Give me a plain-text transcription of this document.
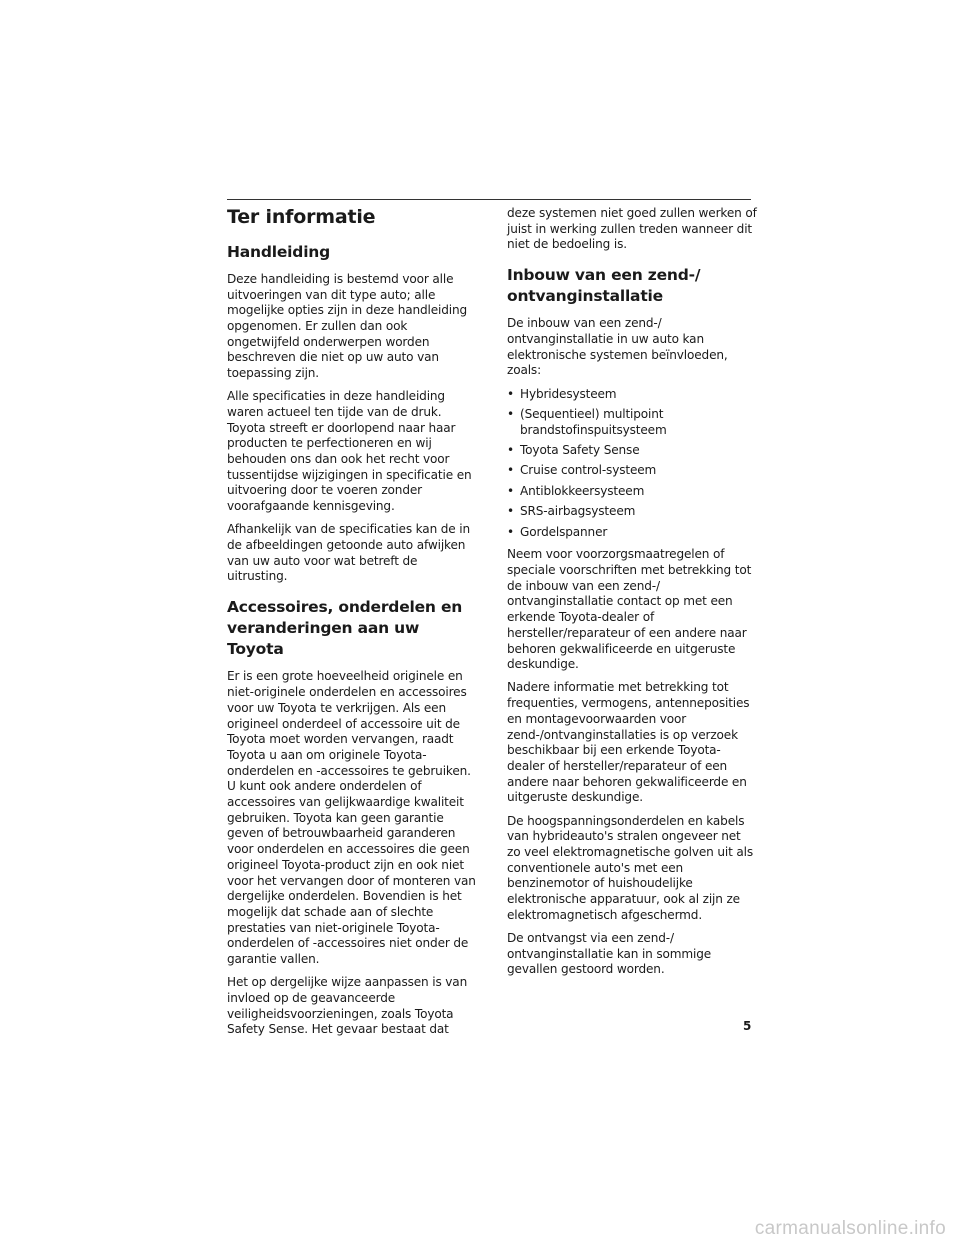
Ter informatie
Handleiding

Deze handleiding is bestemd voor alle uitvoeringen van dit type auto; alle mogelijke opties zijn in deze handleiding opgenomen. Er zullen dan ook ongetwijfeld onderwerpen worden beschreven die niet op uw auto van toepassing zijn.

Alle specificaties in deze handleiding waren actueel ten tijde van de druk. Toyota streeft er doorlopend naar haar producten te perfectioneren en wij behouden ons dan ook het recht voor tussentijdse wijzigingen in specificatie en uitvoering door te voeren zonder voorafgaande kennisgeving.

Afhankelijk van de specificaties kan de in de afbeeldingen getoonde auto afwijken van uw auto voor wat betreft de uitrusting.

Accessoires, onderdelen en veranderingen aan uw Toyota

Er is een grote hoeveelheid originele en niet-originele onderdelen en accessoires voor uw Toyota te verkrijgen. Als een origineel onderdeel of accessoire uit de Toyota moet worden vervangen, raadt Toyota u aan om originele Toyota-onderdelen en -accessoires te gebruiken. U kunt ook andere onderdelen of accessoires van gelijkwaardige kwaliteit gebruiken. Toyota kan geen garantie geven of betrouwbaarheid garanderen voor onderdelen en accessoires die geen origineel Toyota-product zijn en ook niet voor het vervangen door of monteren van dergelijke onderdelen. Bovendien is het mogelijk dat schade aan of slechte prestaties van niet-originele Toyota-onderdelen of -accessoires niet onder de garantie vallen.

Het op dergelijke wijze aanpassen is van invloed op de geavanceerde veiligheidsvoorzieningen, zoals Toyota Safety Sense. Het gevaar bestaat dat

deze systemen niet goed zullen werken of juist in werking zullen treden wanneer dit niet de bedoeling is.

Inbouw van een zend-/ ontvanginstallatie

De inbouw van een zend-/ ontvanginstallatie in uw auto kan elektronische systemen beïnvloeden, zoals:

• Hybridesysteem
• (Sequentieel) multipoint brandstofinspuitsysteem
• Toyota Safety Sense
• Cruise control-systeem
• Antiblokkeersysteem
• SRS-airbagsysteem
• Gordelspanner

Neem voor voorzorgsmaatregelen of speciale voorschriften met betrekking tot de inbouw van een zend-/ ontvanginstallatie contact op met een erkende Toyota-dealer of hersteller/reparateur of een andere naar behoren gekwalificeerde en uitgeruste deskundige.

Nadere informatie met betrekking tot frequenties, vermogens, antenneposities en montagevoorwaarden voor zend-/ontvanginstallaties is op verzoek beschikbaar bij een erkende Toyota-dealer of hersteller/reparateur of een andere naar behoren gekwalificeerde en uitgeruste deskundige.

De hoogspanningsonderdelen en kabels van hybrideauto's stralen ongeveer net zo veel elektromagnetische golven uit als conventionele auto's met een benzinemotor of huishoudelijke elektronische apparatuur, ook al zijn ze elektromagnetisch afgeschermd.

De ontvangst via een zend-/ ontvanginstallatie kan in sommige gevallen gestoord worden.

5
carmanualsonline.info
